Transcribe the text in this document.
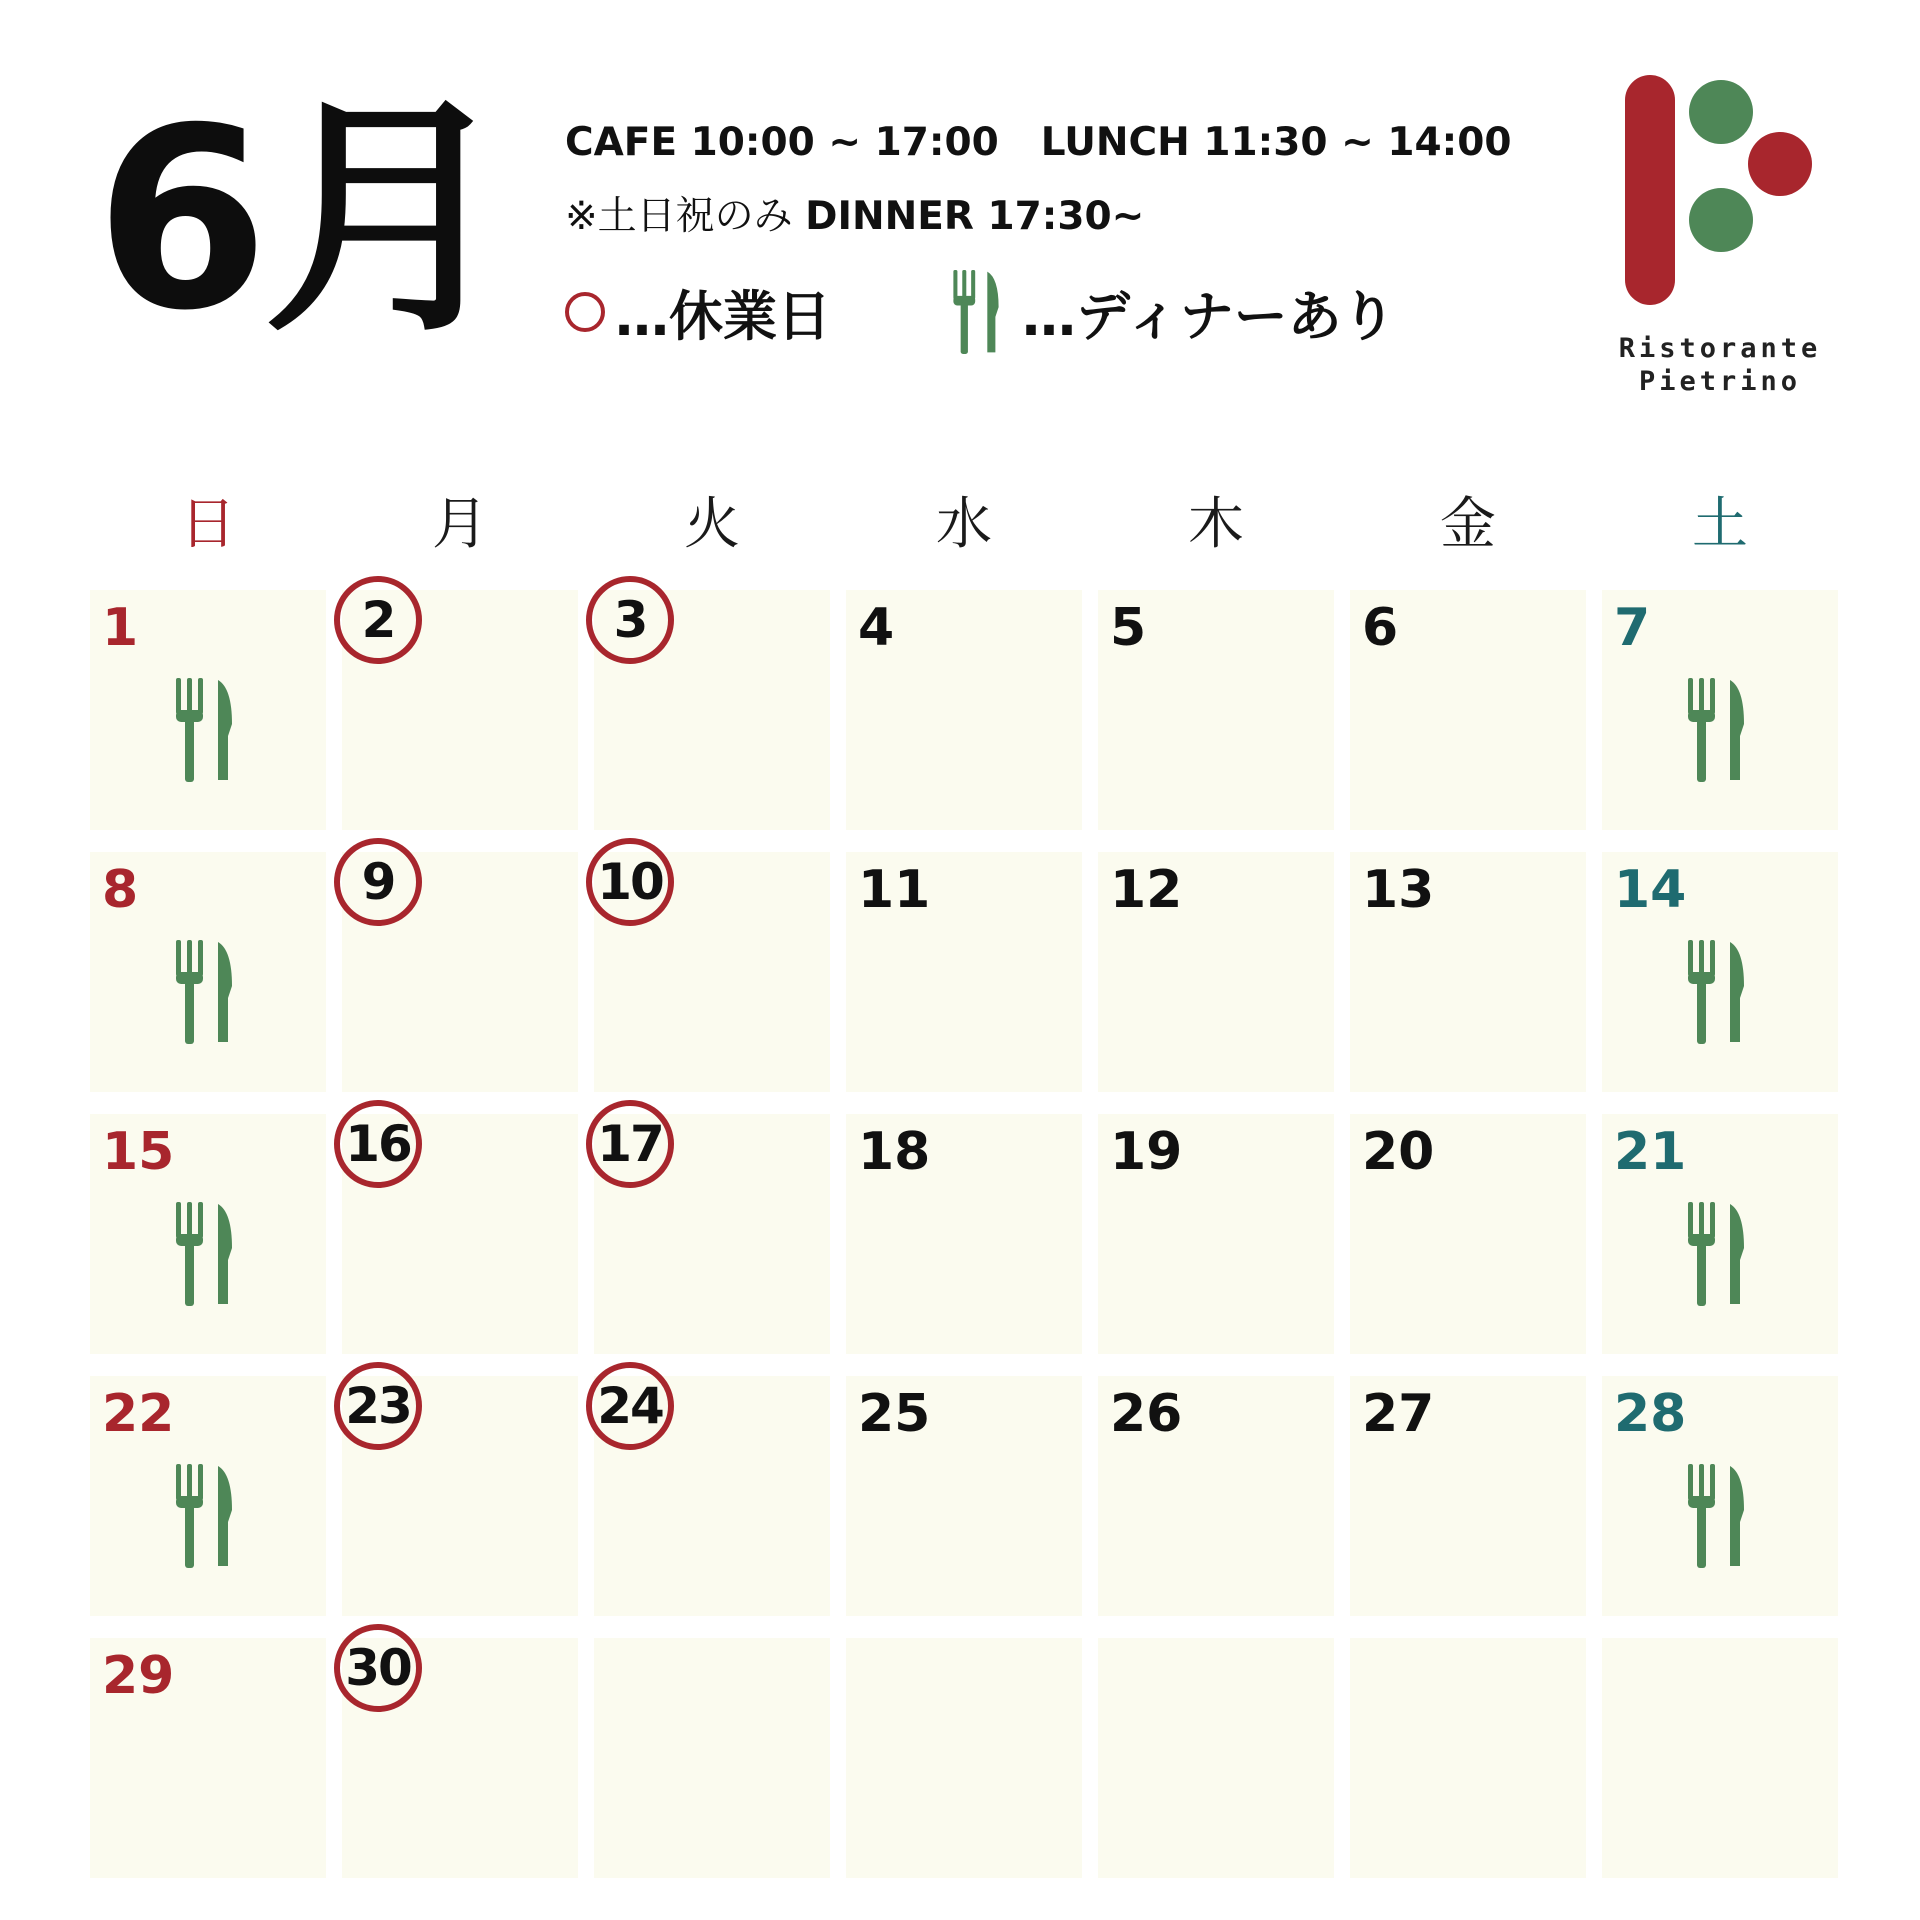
6月 CAFE 10:00 ~ 17:00 LUNCH 11:30 ~ 14:00
※土日祝のみ DINNER 17:30~
…休業日	…ディナーあり
Ristorante
Pietrino
日	月	火	水	木	金	土
1	2	3	4	5	6	7
8	9	10	11	12	13	14
15	16	17	18	19	20	21
22	23	24	25	26	27	28
29	30
